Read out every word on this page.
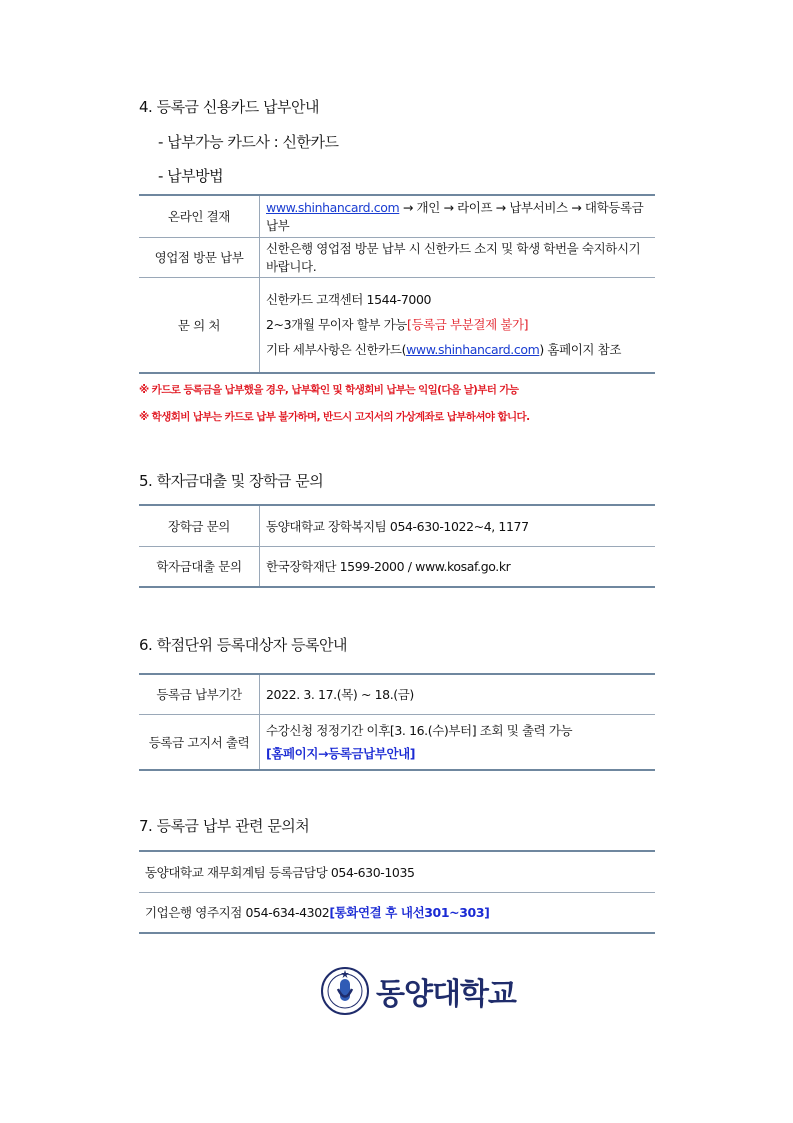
4. 등록금 신용카드 납부안내
- 납부가능 카드사 : 신한카드
- 납부방법
온라인 결재	www.shinhancard.com → 개인 → 라이프 → 납부서비스 → 대학등록금납부
영업점 방문 납부	신한은행 영업점 방문 납부 시 신한카드 소지 및 학생 학번을 숙지하시기 바랍니다.
문 의 처	신한카드 고객센터 1544-7000
2~3개월 무이자 할부 가능[등록금 부분결제 불가]
기타 세부사항은 신한카드(www.shinhancard.com) 홈페이지 참조
※ 카드로 등록금을 납부했을 경우, 납부확인 및 학생회비 납부는 익일(다음 날)부터 가능
※ 학생회비 납부는 카드로 납부 불가하며, 반드시 고지서의 가상계좌로 납부하셔야 합니다.
5. 학자금대출 및 장학금 문의
장학금 문의	동양대학교 장학복지팀 054-630-1022~4, 1177
학자금대출 문의	한국장학재단 1599-2000 / www.kosaf.go.kr
6. 학점단위 등록대상자 등록안내
등록금 납부기간	2022. 3. 17.(목) ~ 18.(금)
등록금 고지서 출력	수강신청 정정기간 이후[3. 16.(수)부터] 조회 및 출력 가능
[홈페이지→등록금납부안내]
7. 등록금 납부 관련 문의처
동양대학교 재무회계팀 등록금담당 054-630-1035
기업은행 영주지점 054-634-4302[통화연결 후 내선301~303]
동양대학교
